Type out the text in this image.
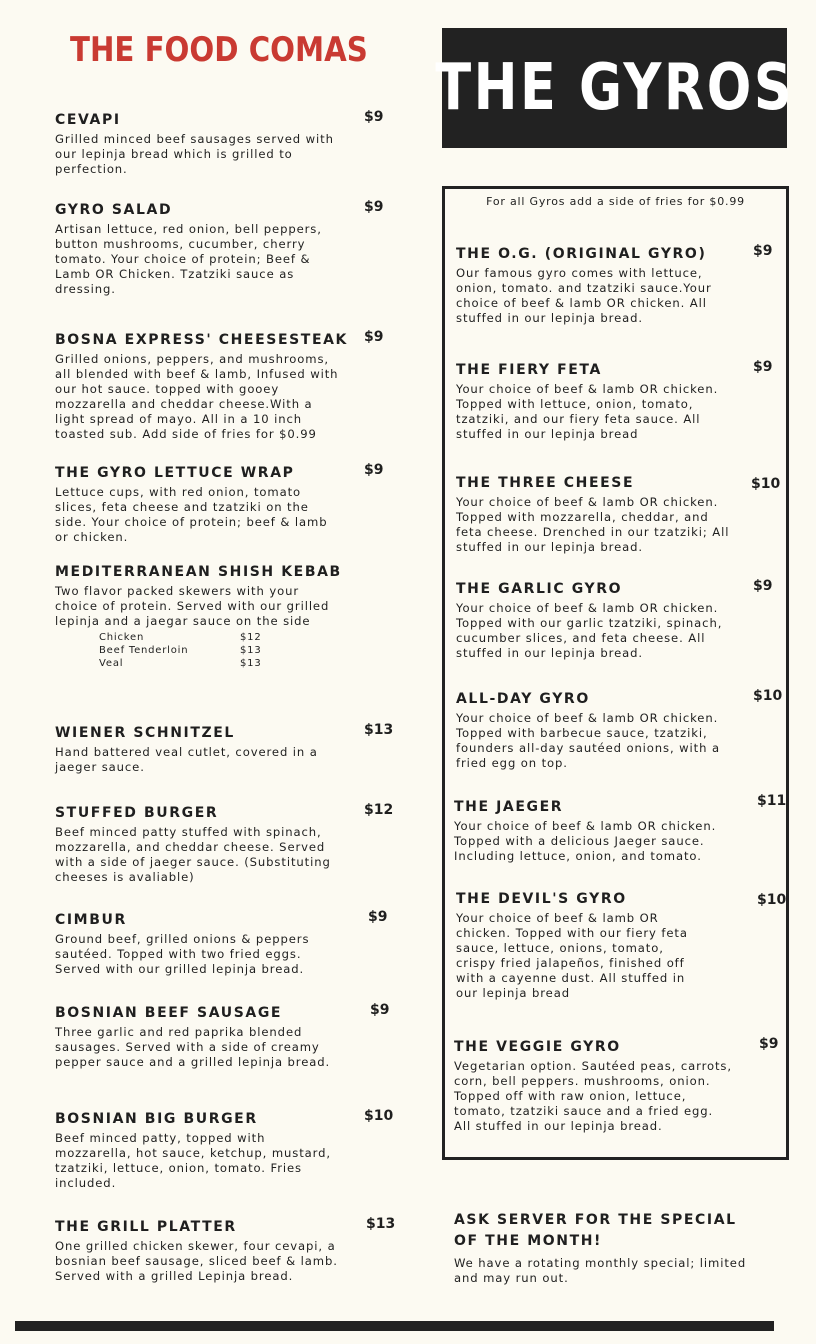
THE FOOD COMAS
THE GYROS
CEVAPI	$9
Grilled minced beef sausages served with our lepinja bread which is grilled to perfection.
GYRO SALAD	$9
Artisan lettuce, red onion, bell peppers, button mushrooms, cucumber, cherry tomato. Your choice of protein; Beef & Lamb OR Chicken. Tzatziki sauce as dressing.
BOSNA EXPRESS' CHEESESTEAK $9
Grilled onions, peppers, and mushrooms, all blended with beef & lamb, Infused with our hot sauce. topped with gooey mozzarella and cheddar cheese.With a light spread of mayo. All in a 10 inch toasted sub. Add side of fries for $0.99
THE GYRO LETTUCE WRAP	$9
Lettuce cups, with red onion, tomato slices, feta cheese and tzatziki on the side. Your choice of protein; beef & lamb or chicken.
MEDITERRANEAN SHISH KEBAB
Two flavor packed skewers with your choice of protein. Served with our grilled lepinja and a jaegar sauce on the side
Chicken	$12
Beef Tenderloin	$13
Veal	$13
WIENER SCHNITZEL	$13
Hand battered veal cutlet, covered in a jaeger sauce.
STUFFED BURGER	$12
Beef minced patty stuffed with spinach, mozzarella, and cheddar cheese. Served with a side of jaeger sauce. (Substituting cheeses is avaliable)
CIMBUR	$9
Ground beef, grilled onions & peppers sautéed. Topped with two fried eggs. Served with our grilled lepinja bread.
BOSNIAN BEEF SAUSAGE	$9
Three garlic and red paprika blended sausages. Served with a side of creamy pepper sauce and a grilled lepinja bread.
BOSNIAN BIG BURGER	$10
Beef minced patty, topped with mozzarella, hot sauce, ketchup, mustard, tzatziki, lettuce, onion, tomato. Fries included.
THE GRILL PLATTER	$13
One grilled chicken skewer, four cevapi, a bosnian beef sausage, sliced beef & lamb. Served with a grilled Lepinja bread.
For all Gyros add a side of fries for $0.99
THE O.G. (ORIGINAL GYRO)	$9
Our famous gyro comes with lettuce, onion, tomato. and tzatziki sauce.Your choice of beef & lamb OR chicken. All stuffed in our lepinja bread.
THE FIERY FETA	$9
Your choice of beef & lamb OR chicken. Topped with lettuce, onion, tomato, tzatziki, and our fiery feta sauce. All stuffed in our lepinja bread
THE THREE CHEESE	$10
Your choice of beef & lamb OR chicken. Topped with mozzarella, cheddar, and feta cheese. Drenched in our tzatziki; All stuffed in our lepinja bread.
THE GARLIC GYRO	$9
Your choice of beef & lamb OR chicken. Topped with our garlic tzatziki, spinach, cucumber slices, and feta cheese. All stuffed in our lepinja bread.
ALL-DAY GYRO	$10
Your choice of beef & lamb OR chicken. Topped with barbecue sauce, tzatziki, founders all-day sautéed onions, with a fried egg on top.
THE JAEGER	$11
Your choice of beef & lamb OR chicken. Topped with a delicious Jaeger sauce. Including lettuce, onion, and tomato.
THE DEVIL'S GYRO	$10
Your choice of beef & lamb OR chicken. Topped with our fiery feta sauce, lettuce, onions, tomato, crispy fried jalapeños, finished off with a cayenne dust. All stuffed in our lepinja bread
THE VEGGIE GYRO	$9
Vegetarian option. Sautéed peas, carrots, corn, bell peppers. mushrooms, onion. Topped off with raw onion, lettuce, tomato, tzatziki sauce and a fried egg. All stuffed in our lepinja bread.
ASK SERVER FOR THE SPECIAL OF THE MONTH!
We have a rotating monthly special; limited and may run out.
